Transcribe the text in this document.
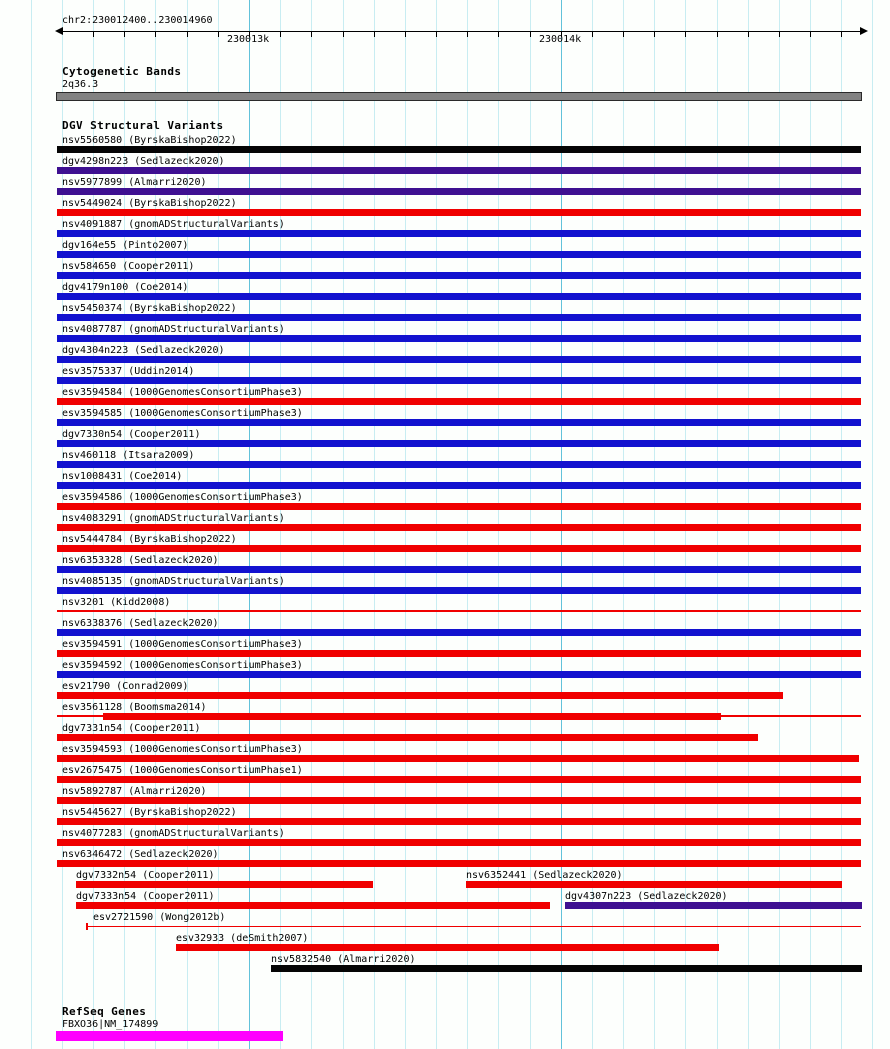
chr2:230012400..230014960
230013k	230014k
Cytogenetic Bands
2q36.3
DGV Structural Variants
nsv5560580 (ByrskaBishop2022)
dgv4298n223 (Sedlazeck2020)
nsv5977899 (Almarri2020)
nsv5449024 (ByrskaBishop2022)
nsv4091887 (gnomADStructuralVariants)
dgv164e55 (Pinto2007)
nsv584650 (Cooper2011)
dgv4179n100 (Coe2014)
nsv5450374 (ByrskaBishop2022)
nsv4087787 (gnomADStructuralVariants)
dgv4304n223 (Sedlazeck2020)
esv3575337 (Uddin2014)
esv3594584 (1000GenomesConsortiumPhase3)
esv3594585 (1000GenomesConsortiumPhase3)
dgv7330n54 (Cooper2011)
nsv460118 (Itsara2009)
nsv1008431 (Coe2014)
esv3594586 (1000GenomesConsortiumPhase3)
nsv4083291 (gnomADStructuralVariants)
nsv5444784 (ByrskaBishop2022)
nsv6353328 (Sedlazeck2020)
nsv4085135 (gnomADStructuralVariants)
nsv3201 (Kidd2008)
nsv6338376 (Sedlazeck2020)
esv3594591 (1000GenomesConsortiumPhase3)
esv3594592 (1000GenomesConsortiumPhase3)
esv21790 (Conrad2009)
esv3561128 (Boomsma2014)
dgv7331n54 (Cooper2011)
esv3594593 (1000GenomesConsortiumPhase3)
esv2675475 (1000GenomesConsortiumPhase1)
nsv5892787 (Almarri2020)
nsv5445627 (ByrskaBishop2022)
nsv4077283 (gnomADStructuralVariants)
nsv6346472 (Sedlazeck2020)
dgv7332n54 (Cooper2011)	nsv6352441 (Sedlazeck2020)
dgv7333n54 (Cooper2011)	dgv4307n223 (Sedlazeck2020)
esv2721590 (Wong2012b)
esv32933 (deSmith2007)
nsv5832540 (Almarri2020)
RefSeq Genes
FBXO36|NM_174899
